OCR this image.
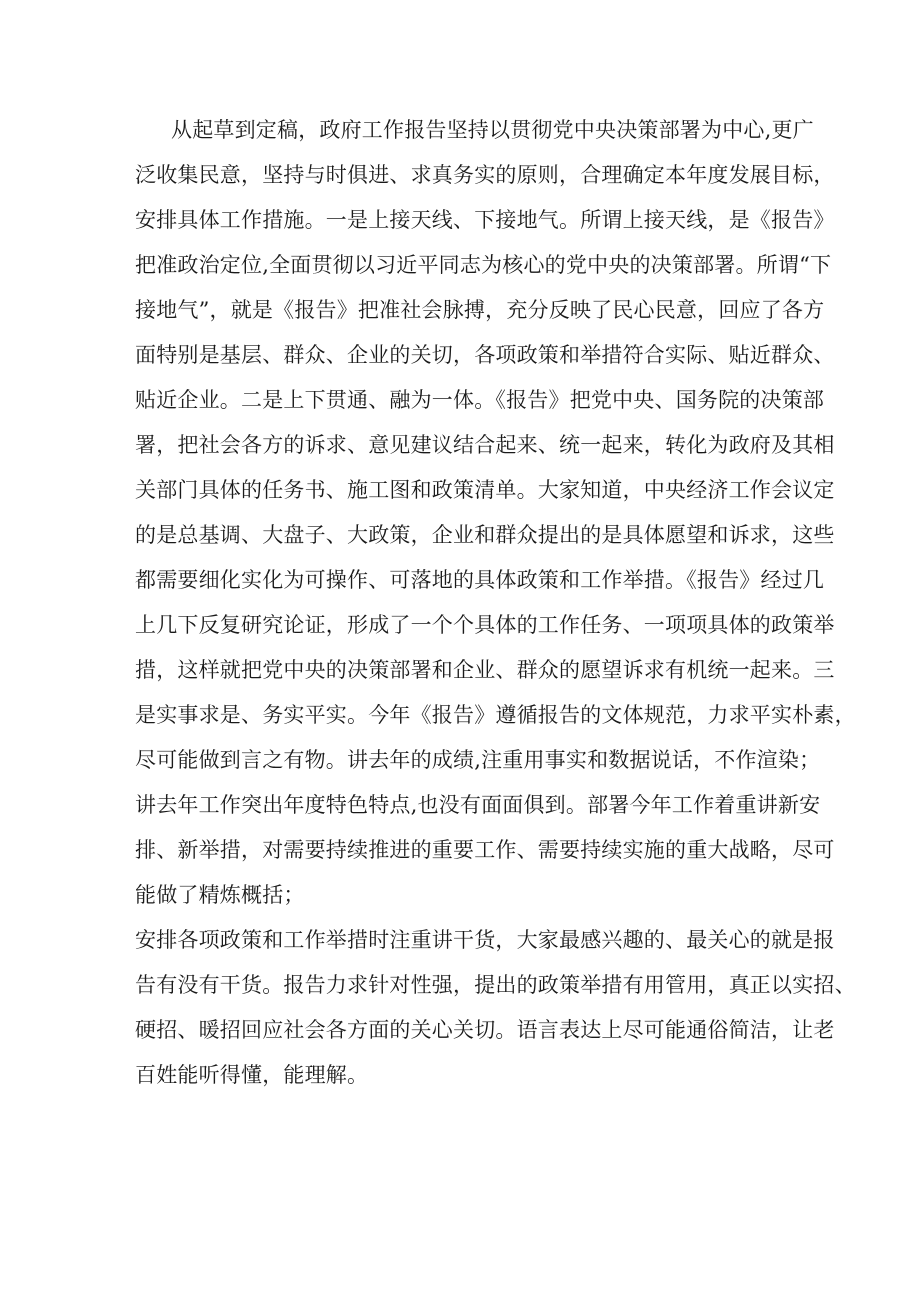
从起草到定稿，政府工作报告坚持以贯彻党中央决策部署为中心,更广
泛收集民意，坚持与时俱进、求真务实的原则，合理确定本年度发展目标，
安排具体工作措施。一是上接天线、下接地气。所谓上接天线，是《报告》
把准政治定位,全面贯彻以习近平同志为核心的党中央的决策部署。所谓“下
接地气”，就是《报告》把准社会脉搏，充分反映了民心民意，回应了各方
面特别是基层、群众、企业的关切，各项政策和举措符合实际、贴近群众、
贴近企业。二是上下贯通、融为一体。《报告》把党中央、国务院的决策部
署，把社会各方的诉求、意见建议结合起来、统一起来，转化为政府及其相
关部门具体的任务书、施工图和政策清单。大家知道，中央经济工作会议定
的是总基调、大盘子、大政策，企业和群众提出的是具体愿望和诉求，这些
都需要细化实化为可操作、可落地的具体政策和工作举措。《报告》经过几
上几下反复研究论证，形成了一个个具体的工作任务、一项项具体的政策举
措，这样就把党中央的决策部署和企业、群众的愿望诉求有机统一起来。三
是实事求是、务实平实。今年《报告》遵循报告的文体规范，力求平实朴素，
尽可能做到言之有物。讲去年的成绩,注重用事实和数据说话，不作渲染；
讲去年工作突出年度特色特点,也没有面面俱到。部署今年工作着重讲新安
排、新举措，对需要持续推进的重要工作、需要持续实施的重大战略，尽可
能做了精炼概括；
安排各项政策和工作举措时注重讲干货，大家最感兴趣的、最关心的就是报
告有没有干货。报告力求针对性强，提出的政策举措有用管用，真正以实招、
硬招、暖招回应社会各方面的关心关切。语言表达上尽可能通俗简洁，让老
百姓能听得懂，能理解。
